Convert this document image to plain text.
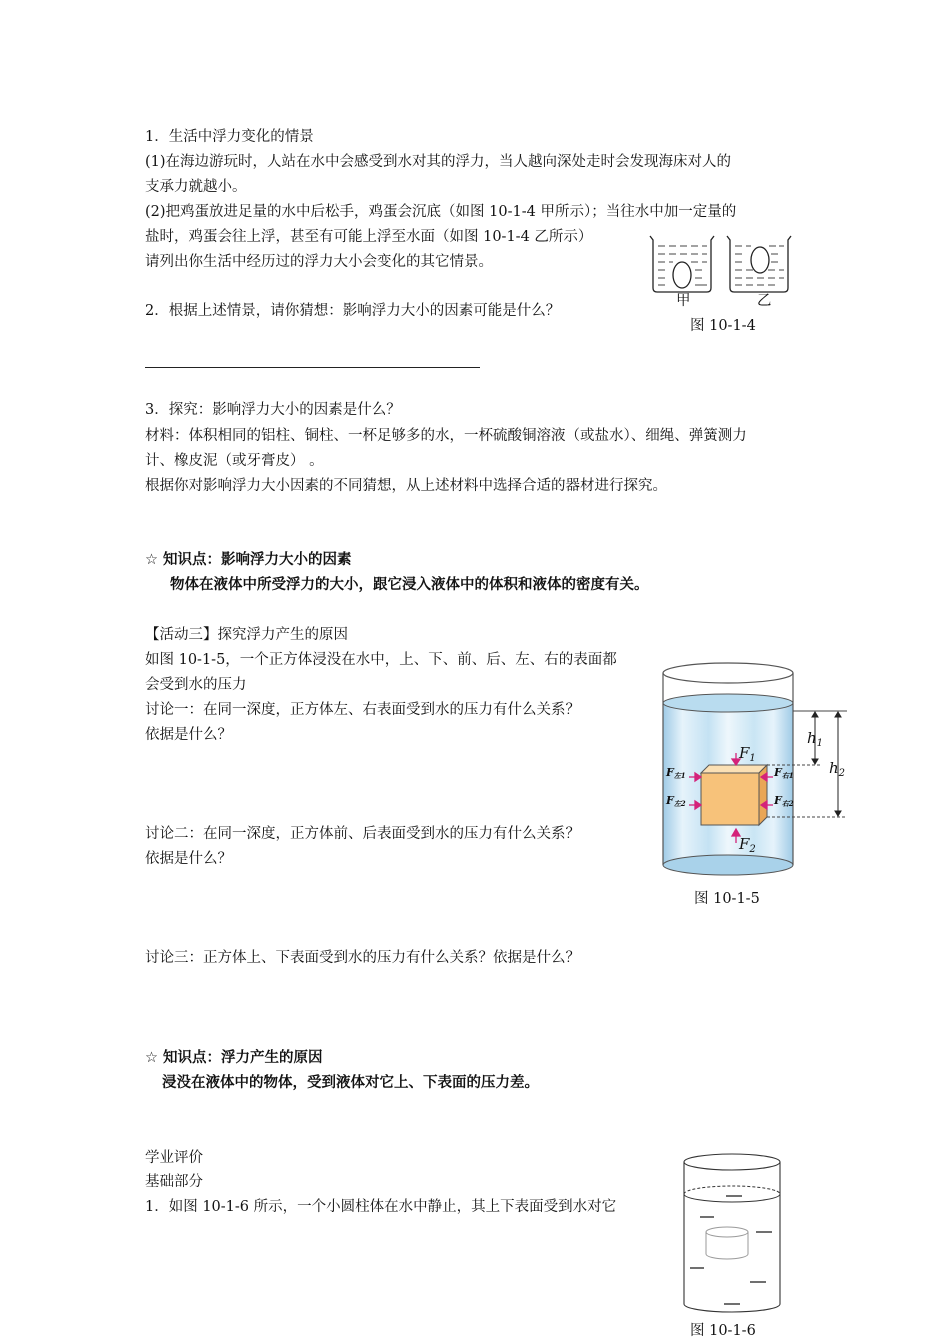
1．生活中浮力变化的情景
(1)在海边游玩时，人站在水中会感受到水对其的浮力，当人越向深处走时会发现海床对人的
支承力就越小。
(2)把鸡蛋放进足量的水中后松手，鸡蛋会沉底（如图 10-1-4 甲所示）；当往水中加一定量的
盐时，鸡蛋会往上浮，甚至有可能上浮至水面（如图 10-1-4 乙所示）
请列出你生活中经历过的浮力大小会变化的其它情景。
甲	乙
图 10-1-4
2．根据上述情景，请你猜想：影响浮力大小的因素可能是什么？
3．探究：影响浮力大小的因素是什么？
材料：体积相同的铝柱、铜柱、一杯足够多的水，一杯硫酸铜溶液（或盐水）、细绳、弹簧测力
计、橡皮泥（或牙膏皮） 。
根据你对影响浮力大小因素的不同猜想，从上述材料中选择合适的器材进行探究。
☆ 知识点：影响浮力大小的因素
物体在液体中所受浮力的大小，跟它浸入液体中的体积和液体的密度有关。
【活动三】探究浮力产生的原因
如图 10-1-5，一个正方体浸没在水中，上、下、前、后、左、右的表面都
会受到水的压力
讨论一：在同一深度，正方体左、右表面受到水的压力有什么关系？
依据是什么？
讨论二：在同一深度，正方体前、后表面受到水的压力有什么关系？
依据是什么？
$F_1$
$F_2$
F左1
F左2
F右1
F右2
$h_1$
$h_2$
图 10-1-5
讨论三：正方体上、下表面受到水的压力有什么关系？依据是什么？
☆ 知识点：浮力产生的原因
浸没在液体中的物体，受到液体对它上、下表面的压力差。
学业评价
基础部分
1．如图 10-1-6 所示，一个小圆柱体在水中静止，其上下表面受到水对它
图 10-1-6
